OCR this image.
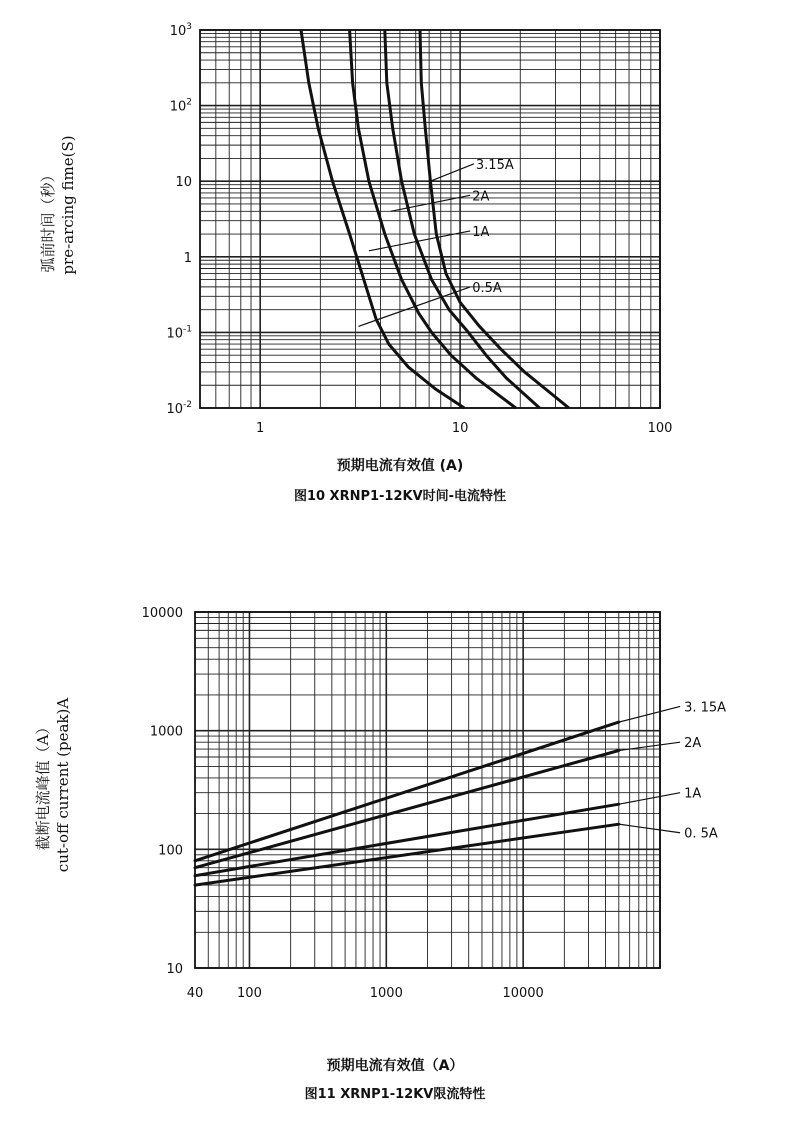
0.5A
1A
2A
3.15A
1	10	100
$10^3$
$10^2$
10
1
$10^{-1}$
$10^{-2}$
预期电流有效值 (A)
图10 XRNP1-12KV时间-电流特性
弧前时间（秒） pre-arcing fime(S)
3. 15A
2A
1A
0. 5A
40	100	1000	10000
10000
1000
100
10
预期电流有效值（A）
图11 XRNP1-12KV限流特性
截断电流峰值（A） cut-off current (peak)A
